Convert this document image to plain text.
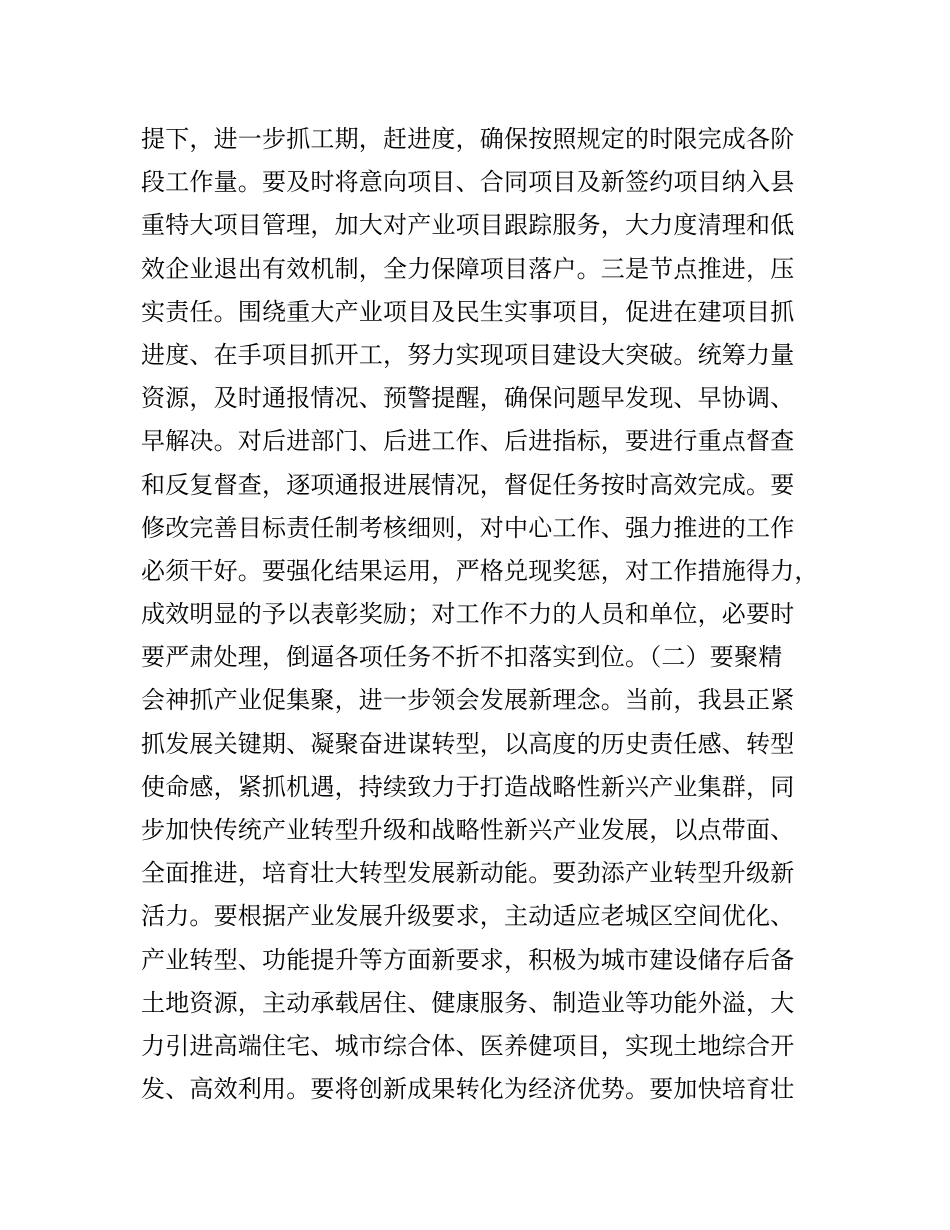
提下，进一步抓工期，赶进度，确保按照规定的时限完成各阶
段工作量。要及时将意向项目、合同项目及新签约项目纳入县
重特大项目管理，加大对产业项目跟踪服务，大力度清理和低
效企业退出有效机制，全力保障项目落户。三是节点推进，压
实责任。围绕重大产业项目及民生实事项目，促进在建项目抓
进度、在手项目抓开工，努力实现项目建设大突破。统筹力量
资源，及时通报情况、预警提醒，确保问题早发现、早协调、
早解决。对后进部门、后进工作、后进指标，要进行重点督查
和反复督查，逐项通报进展情况，督促任务按时高效完成。要
修改完善目标责任制考核细则，对中心工作、强力推进的工作
必须干好。要强化结果运用，严格兑现奖惩，对工作措施得力，
成效明显的予以表彰奖励；对工作不力的人员和单位，必要时
要严肃处理，倒逼各项任务不折不扣落实到位。（二）要聚精
会神抓产业促集聚，进一步领会发展新理念。当前，我县正紧
抓发展关键期、凝聚奋进谋转型，以高度的历史责任感、转型
使命感，紧抓机遇，持续致力于打造战略性新兴产业集群，同
步加快传统产业转型升级和战略性新兴产业发展，以点带面、
全面推进，培育壮大转型发展新动能。要劲添产业转型升级新
活力。要根据产业发展升级要求，主动适应老城区空间优化、
产业转型、功能提升等方面新要求，积极为城市建设储存后备
土地资源，主动承载居住、健康服务、制造业等功能外溢，大
力引进高端住宅、城市综合体、医养健项目，实现土地综合开
发、高效利用。要将创新成果转化为经济优势。要加快培育壮
